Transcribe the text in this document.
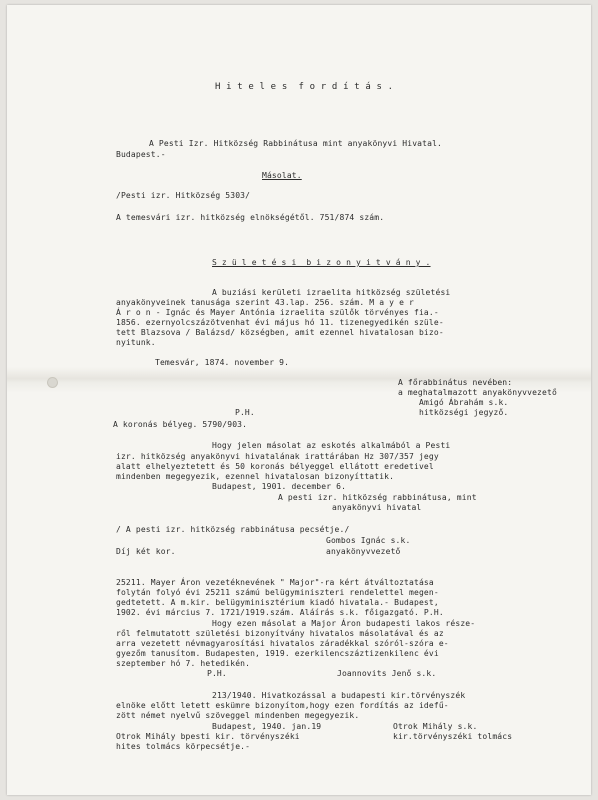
H i t e l e s  f o r d í t á s .
A Pesti Izr. Hitközség Rabbinátusa mint anyakönyvi Hivatal.
Budapest.-
Másolat.
/Pesti izr. Hitközség 5303/
A temesvári izr. hitközség elnökségétől. 751/874 szám.
S z ü l e t é s i  b i z o n y i t v á n y .
A buziási kerületi izraelita hitközség születési
anyakönyveinek tanusága szerint 43.lap. 256. szám. M a y e r
Á r o n - Ignác és Mayer Antónia izraelita szülők törvényes fia.-
1856. ezernyolcszázötvenhat évi május hó 11. tizenegyedikén szüle-
tett Blazsova / Balázsd/ községben, amit ezennel hivatalosan bizo-
nyitunk.
Temesvár, 1874. november 9.
A főrabbinátus nevében:
a meghatalmazott anyakönyvvezető
Amigó Ábrahám s.k.
hitközségi jegyző.
P.H.
A koronás bélyeg. 5790/903.
Hogy jelen másolat az eskotés alkalmából a Pesti
izr. hitközség anyakönyvi hivatalának irattárában Hz 307/357 jegy
alatt elhelyeztetett és 50 koronás bélyeggel ellátott eredetivel
mindenben megegyezik, ezennel hivatalosan bizonyíttatik.
Budapest, 1901. december 6.
A pesti izr. hitközség rabbinátusa, mint
anyakönyvi hivatal
/ A pesti izr. hitközség rabbinátusa pecsétje./
Gombos Ignác s.k.
Díj két kor.	anyakönyvvezető
25211. Mayer Áron vezetéknevének " Major"-ra kért átváltoztatása
folytán folyó évi 25211 számú belügyminiszteri rendelettel megen-
gedtetett. A m.kir. belügyminisztérium kiadó hivatala.- Budapest,
1902. évi március 7. 1721/1919.szám. Aláírás s.k. főigazgató. P.H.
Hogy ezen másolat a Major Áron budapesti lakos része-
ről felmutatott születési bizonyítvány hivatalos másolatával és az
arra vezetett névmagyarosítási hivatalos záradékkal szóról-szóra e-
gyezőm tanusítom. Budapesten, 1919. ezerkilencszáztizenkilenc évi
szeptember hó 7. hetedikén.
P.H.	Joannovits Jenő s.k.
213/1940. Hivatkozással a budapesti kir.törvényszék
elnöke előtt letett eskümre bizonyítom,hogy ezen fordítás az idefű-
zött német nyelvű szöveggel mindenben megegyezik.
Budapest, 1940. jan.19	Otrok Mihály s.k.
Otrok Mihály bpesti kir. törvényszéki	kir.törvényszéki tolmács
hites tolmács körpecsétje.-
